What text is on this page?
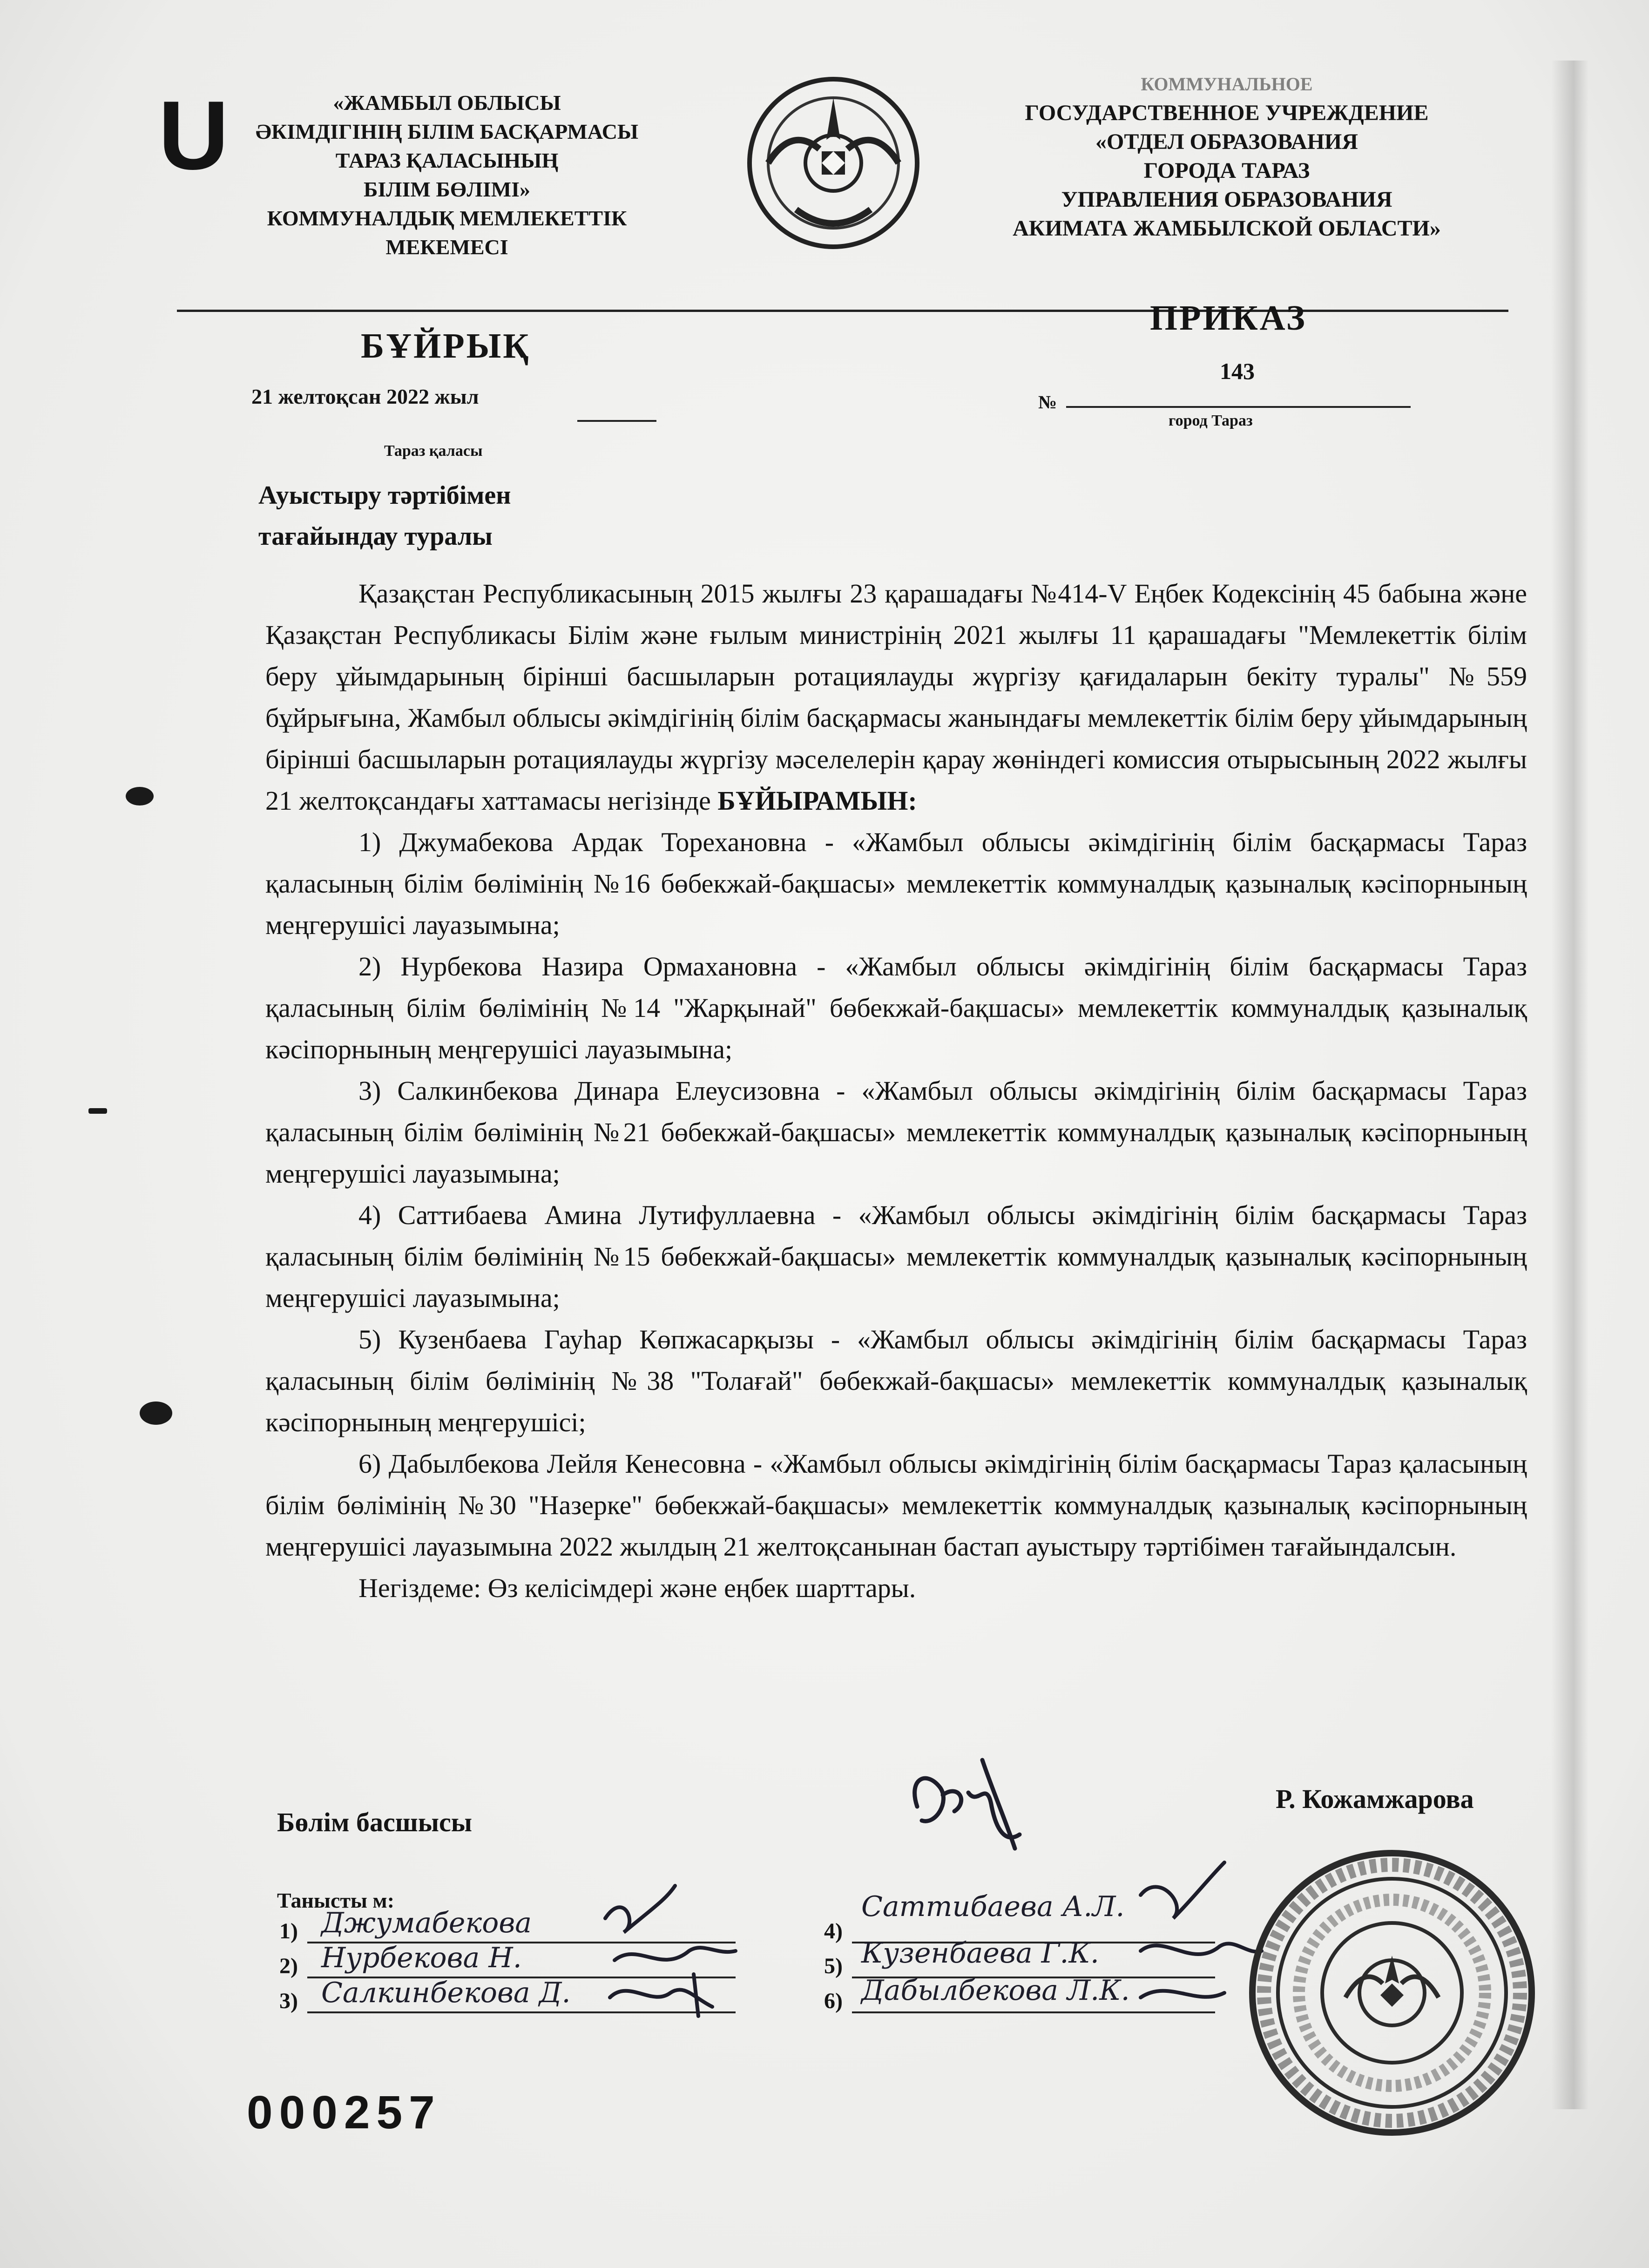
U	«ЖАМБЫЛ ОБЛЫСЫ
ӘКІМДІГІНІҢ БІЛІМ БАСҚАРМАСЫ
ТАРАЗ ҚАЛАСЫНЫҢ
БІЛІМ БӨЛІМІ»
КОММУНАЛДЫҚ МЕМЛЕКЕТТІК
МЕКЕМЕСІ
КОММУНАЛЬНОЕ
ГОСУДАРСТВЕННОЕ УЧРЕЖДЕНИЕ
«ОТДЕЛ ОБРАЗОВАНИЯ
ГОРОДА ТАРАЗ
УПРАВЛЕНИЯ ОБРАЗОВАНИЯ
АКИМАТА ЖАМБЫЛСКОЙ ОБЛАСТИ»
БҰЙРЫҚ
ПРИКАЗ
21 желтоқсан 2022 жыл
143
№
Тараз қаласы
город Тараз
Ауыстыру тәртібімен
тағайындау туралы

Қазақстан Республикасының 2015 жылғы 23 қарашадағы №414-V Еңбек Кодексінің 45 бабына және Қазақстан Республикасы Білім және ғылым министрінің 2021 жылғы 11 қарашадағы "Мемлекеттік білім беру ұйымдарының бірінші басшыларын ротациялауды жүргізу қағидаларын бекіту туралы" №559 бұйрығына, Жамбыл облысы әкімдігінің білім басқармасы жанындағы мемлекеттік білім беру ұйымдарының бірінші басшыларын ротациялауды жүргізу мәселелерін қарау жөніндегі комиссия отырысының 2022 жылғы 21 желтоқсандағы хаттамасы негізінде БҰЙЫРАМЫН:

1) Джумабекова Ардак Тореханoвна - «Жамбыл облысы әкімдігінің білім басқармасы Тараз қаласының білім бөлімінің №16 бөбекжай-бақшасы» мемлекеттік коммуналдық қазыналық кәсіпорнының меңгерушісі лауазымына;

2) Нурбекова Назира Ормахановна - «Жамбыл облысы әкімдігінің білім басқармасы Тараз қаласының білім бөлімінің №14 "Жарқынай" бөбекжай-бақшасы» мемлекеттік коммуналдық қазыналық кәсіпорнының меңгерушісі лауазымына;

3) Салкинбекова Динара Елеусизовна - «Жамбыл облысы әкімдігінің білім басқармасы Тараз қаласының білім бөлімінің №21 бөбекжай-бақшасы» мемлекеттік коммуналдық қазыналық кәсіпорнының меңгерушісі лауазымына;

4) Саттибаева Амина Лутифуллаевна - «Жамбыл облысы әкімдігінің білім басқармасы Тараз қаласының білім бөлімінің №15 бөбекжай-бақшасы» мемлекеттік коммуналдық қазыналық кәсіпорнының меңгерушісі лауазымына;

5) Кузенбаева Гауһар Көпжасарқызы - «Жамбыл облысы әкімдігінің білім басқармасы Тараз қаласының білім бөлімінің №38 "Толағай" бөбекжай-бақшасы» мемлекеттік коммуналдық қазыналық кәсіпорнының меңгерушісі;

6) Дабылбекова Лейля Кенесовна - «Жамбыл облысы әкімдігінің білім басқармасы Тараз қаласының білім бөлімінің №30 "Назерке" бөбекжай-бақшасы» мемлекеттік коммуналдық қазыналық кәсіпорнының меңгерушісі лауазымына 2022 жылдың 21 желтоқсанынан бастап ауыстыру тәртібімен тағайындалсын.

Негіздеме: Өз келісімдері және еңбек шарттары.

Бөлім басшысы
Р. Кожамжарова
Танысты м:
1) Джумабекова
2) Нурбекова Н.
3) Салкинбекова Д.
4)
Саттибаева А.Л.
5) Кузенбаева Г.К.
6) Дабылбекова Л.К.
000257
